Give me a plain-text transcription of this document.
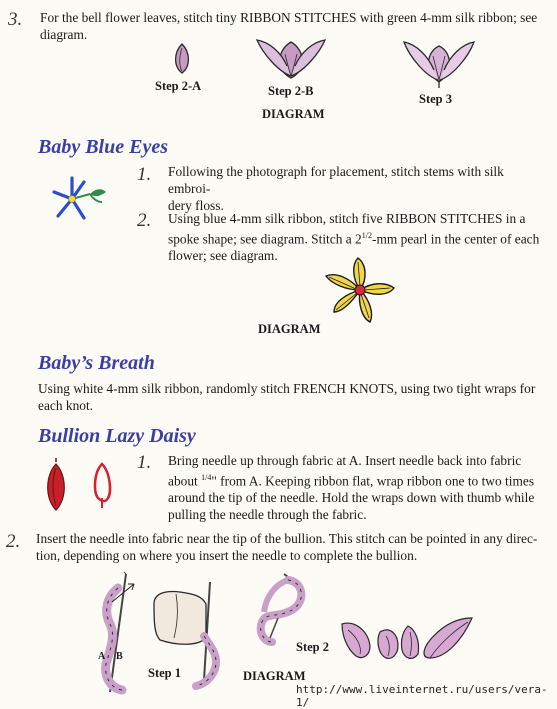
3. For the bell flower leaves, stitch tiny RIBBON STITCHES with green 4-mm silk ribbon; see
diagram.
Step 2-A	Step 2-B
DIAGRAM
Step 3
Baby Blue Eyes
1. Following the photograph for placement, stitch stems with silk embroi-
dery floss.
2. Using blue 4-mm silk ribbon, stitch five RIBBON STITCHES in a
spoke shape; see diagram. Stitch a $2^{1/2}-mm$ pearl in the center of each
flower; see diagram.
DIAGRAM
Baby’s Breath
Using white 4-mm silk ribbon, randomly stitch FRENCH KNOTS, using two tight wraps for
each knot.
Bullion Lazy Daisy
1. Bring needle up through fabric at A. Insert needle back into fabric
about $^{1/4}$" from A. Keeping ribbon flat, wrap ribbon one to two times
around the tip of the needle. Hold the wraps down with thumb while
pulling the needle through the fabric.
2. Insert the needle into fabric near the tip of the bullion. This stitch can be pointed in any direc-
tion, depending on where you insert the needle to complete the bullion.
A B
Step 1	DIAGRAM
Step 2
http://www.liveinternet.ru/users/vera-1/
